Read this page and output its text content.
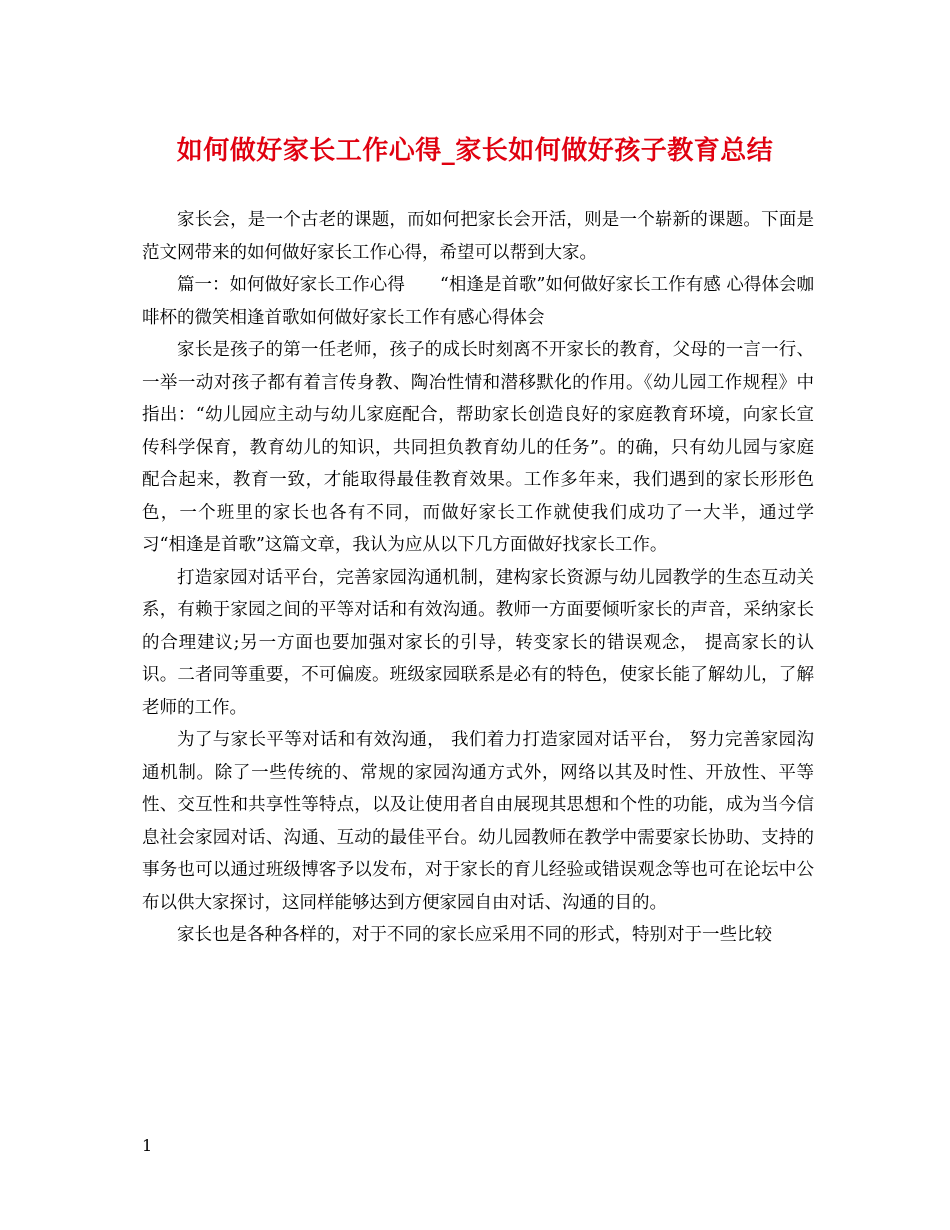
如何做好家长工作心得_家长如何做好孩子教育总结

家长会，是一个古老的课题，而如何把家长会开活，则是一个崭新的课题。下面是范文网带来的如何做好家长工作心得，希望可以帮到大家。

篇一：如何做好家长工作心得　　“相逢是首歌”如何做好家长工作有感 心得体会咖啡杯的微笑相逢首歌如何做好家长工作有感心得体会

家长是孩子的第一任老师，孩子的成长时刻离不开家长的教育，父母的一言一行、一举一动对孩子都有着言传身教、陶冶性情和潜移默化的作用。《幼儿园工作规程》中指出：“幼儿园应主动与幼儿家庭配合，帮助家长创造良好的家庭教育环境，向家长宣传科学保育，教育幼儿的知识，共同担负教育幼儿的任务”。的确，只有幼儿园与家庭配合起来，教育一致，才能取得最佳教育效果。工作多年来，我们遇到的家长形形色色，一个班里的家长也各有不同，而做好家长工作就使我们成功了一大半，通过学习“相逢是首歌”这篇文章，我认为应从以下几方面做好找家长工作。

打造家园对话平台，完善家园沟通机制，建构家长资源与幼儿园教学的生态互动关系，有赖于家园之间的平等对话和有效沟通。教师一方面要倾听家长的声音，采纳家长的合理建议;另一方面也要加强对家长的引导，转变家长的错误观念， 提高家长的认识。二者同等重要，不可偏废。班级家园联系是必有的特色，使家长能了解幼儿，了解老师的工作。

为了与家长平等对话和有效沟通， 我们着力打造家园对话平台， 努力完善家园沟通机制。除了一些传统的、常规的家园沟通方式外，网络以其及时性、开放性、平等性、交互性和共享性等特点，以及让使用者自由展现其思想和个性的功能，成为当今信息社会家园对话、沟通、互动的最佳平台。幼儿园教师在教学中需要家长协助、支持的事务也可以通过班级博客予以发布，对于家长的育儿经验或错误观念等也可在论坛中公布以供大家探讨，这同样能够达到方便家园自由对话、沟通的目的。

家长也是各种各样的，对于不同的家长应采用不同的形式，特别对于一些比较

1
